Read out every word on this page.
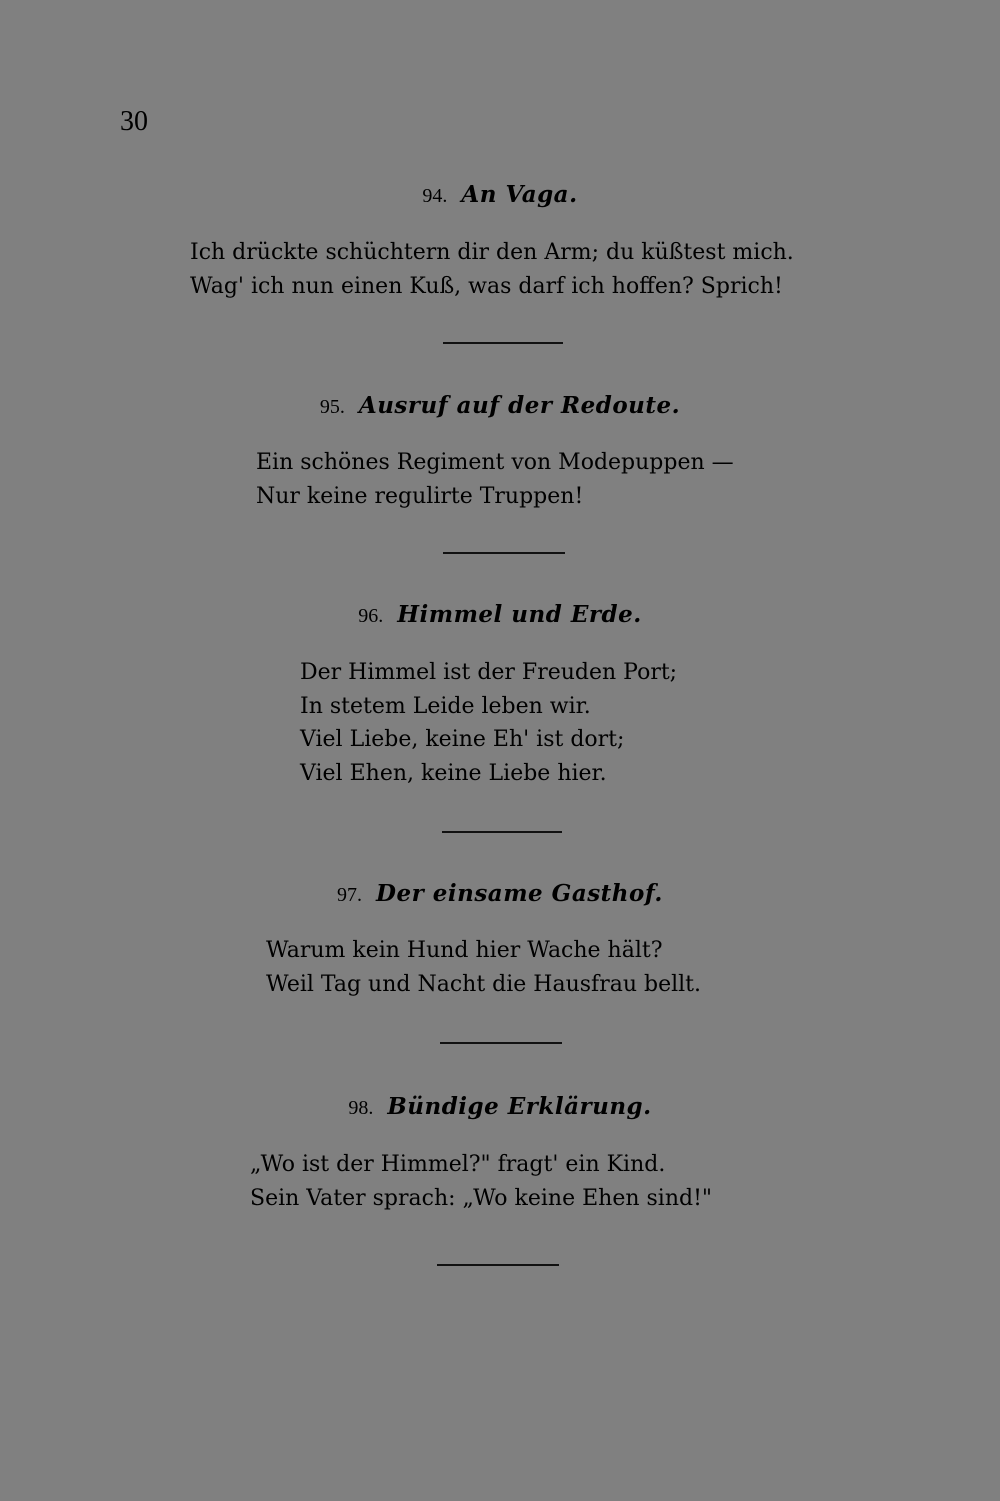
30
94. An Vaga.
Ich drückte schüchtern dir den Arm; du küßtest mich.
Wag' ich nun einen Kuß, was darf ich hoffen? Sprich!
95. Ausruf auf der Redoute.
Ein schönes Regiment von Modepuppen —
Nur keine regulirte Truppen!
96. Himmel und Erde.
Der Himmel ist der Freuden Port;
In stetem Leide leben wir.
Viel Liebe, keine Eh' ist dort;
Viel Ehen, keine Liebe hier.
97. Der einsame Gasthof.
Warum kein Hund hier Wache hält?
Weil Tag und Nacht die Hausfrau bellt.
98. Bündige Erklärung.
„Wo ist der Himmel?" fragt' ein Kind.
Sein Vater sprach: „Wo keine Ehen sind!"
